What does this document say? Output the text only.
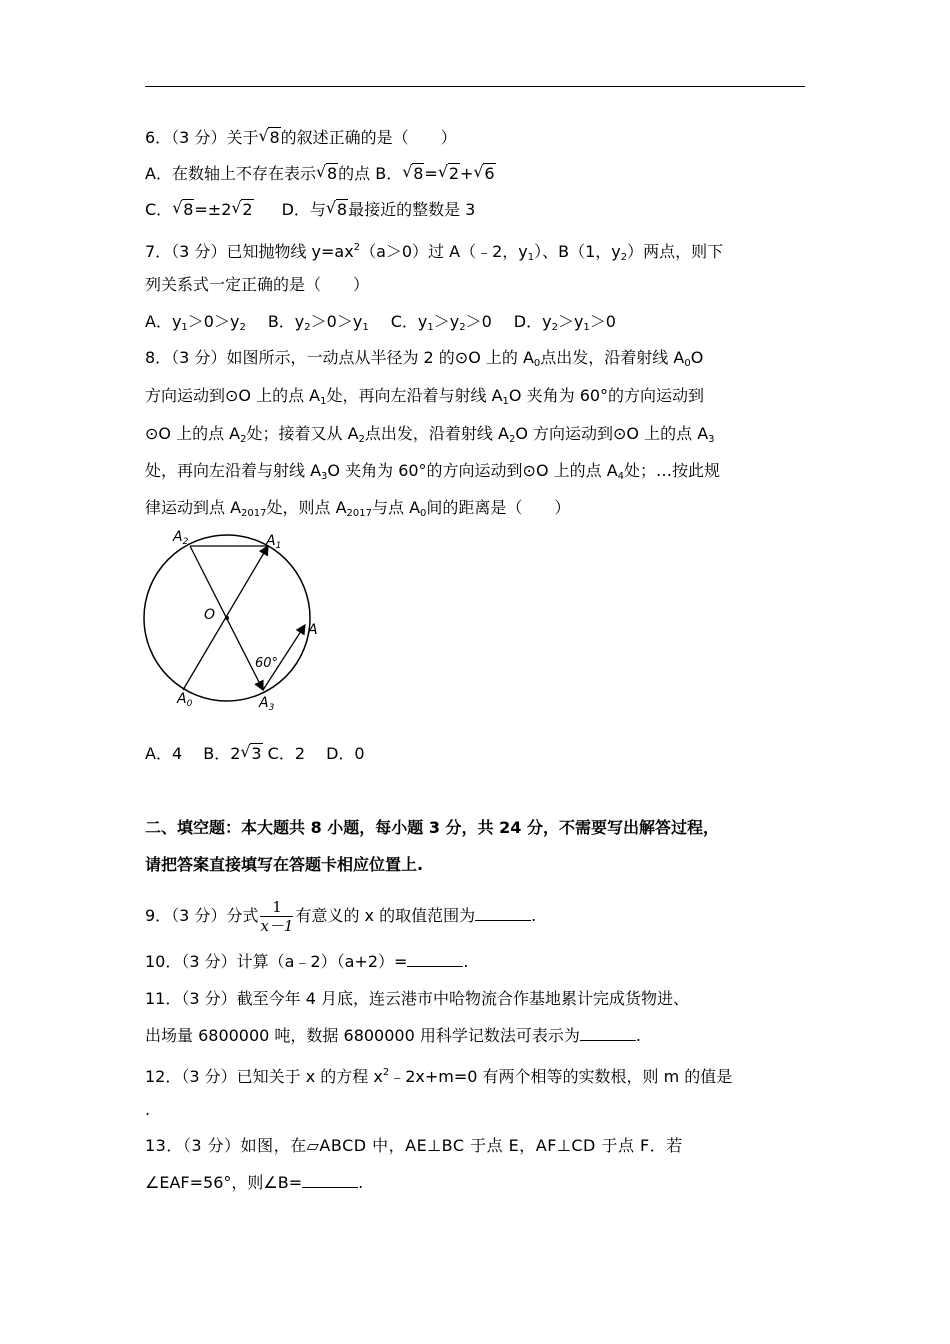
6．（3 分）关于 √ 8的叙述正确的是（　　）
A．在数轴上不存在表示 √ 8的点 B． √ 8= √ 2+ √ 6
C． √ 8=±2 √ 2 D．与 √ 8最接近的整数是 3
7．（3 分）已知抛物线 $y=ax^2(a>0)$过 A（﹣2，$y_1$）、B（1，$y_2$）两点，则下
列关系式一定正确的是（　　）
A．$y_1>0>y_2$ B．$y_2>0>y_1$ C．$y_1>y_2>0$ D．$y_2>y_1>0$
8．（3 分）如图所示，一动点从半径为 2 的⊙O 上的 $A_0$点出发，沿着射线 $A_0O$
方向运动到⊙O 上的点 $A_1$处，再向左沿着与射线 $A_1O$ 夹角为 60°的方向运动到
⊙O 上的点 $A_2$处；接着又从 $A_2$点出发，沿着射线 $A_2O$ 方向运动到⊙O 上的点 $A_3$
处，再向左沿着与射线 $A_3O$ 夹角为 60°的方向运动到⊙O 上的点 $A_4$处；…按此规
律运动到点 $A_{2017}$处，则点 $A_{2017}$与点 $A_0$间的距离是（　　）
$A_2$	$A_1$
O
A
60°
$A_0$	$A_3$
A．4　 B．2 √ 3 C．2　 D．0
二、填空题：本大题共 8 小题，每小题 3 分，共 24 分，不需要写出解答过程，
请把答案直接填写在答题卡相应位置上.
9．（3 分）分式 $\frac{1}{x-1}$ 有意义的 x 的取值范围为	.
10．（3 分）计算（a﹣2）（a+2）=	.
11．（3 分）截至今年 4 月底，连云港市中哈物流合作基地累计完成货物进、
出场量 6800000 吨，数据 6800000 用科学记数法可表示为	.
12．（3 分）已知关于 x 的方程 $x^2﹣2x+m=0$ 有两个相等的实数根，则 m 的值是
.
13．（3 分）如图，在▱ABCD 中，AE⊥BC 于点 E，AF⊥CD 于点 F．若
∠EAF=56°，则∠B=	.
